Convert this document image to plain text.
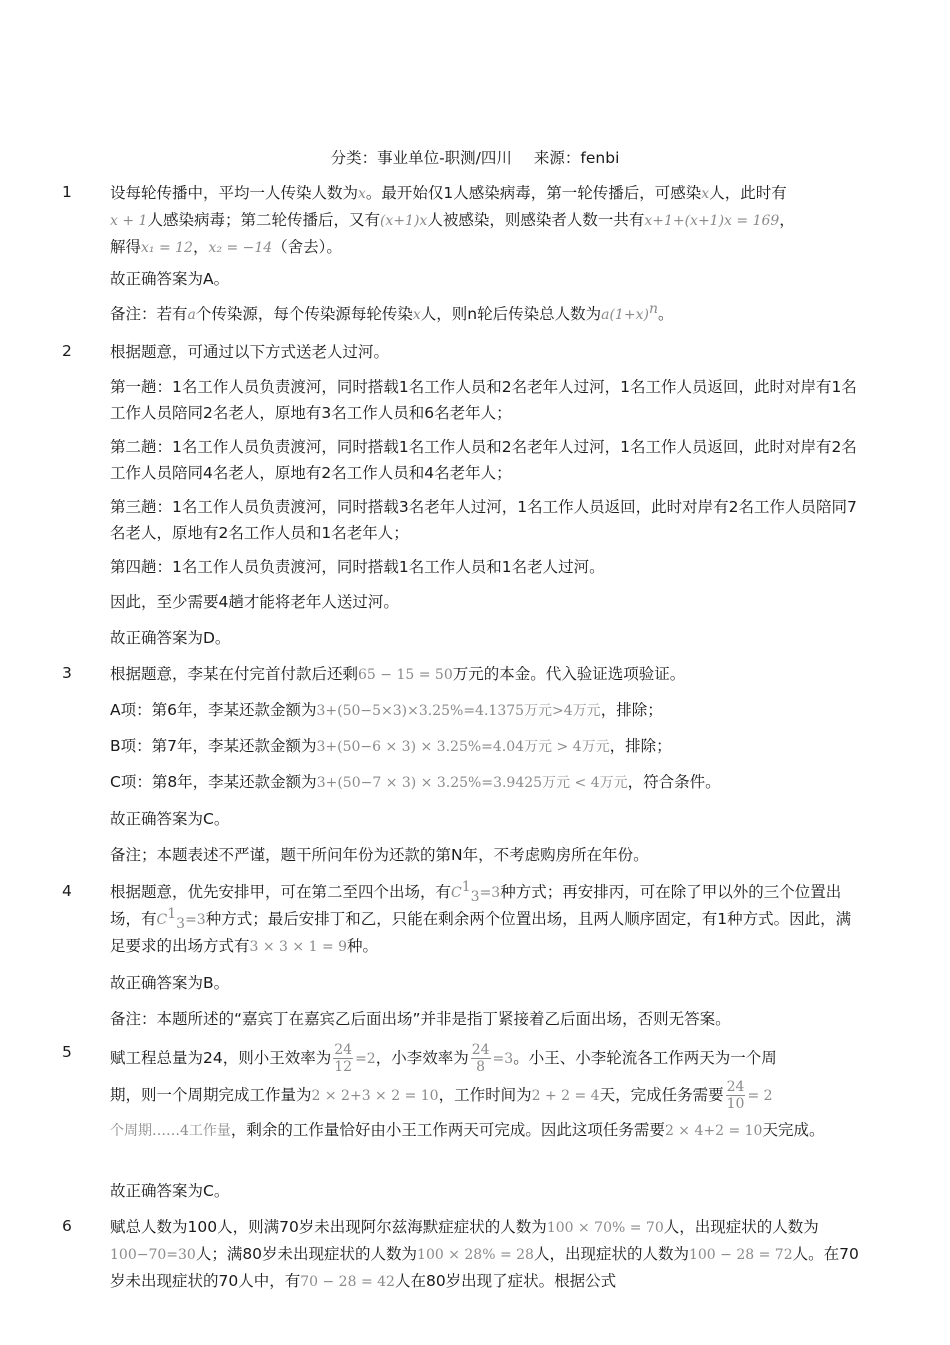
分类：事业单位-职测/四川 来源：fenbi
1 设每轮传播中，平均一人传染人数为x。最开始仅1人感染病毒，第一轮传播后，可感染x人，此时有
x + 1人感染病毒；第二轮传播后，又有(x+1)x人被感染，则感染者人数一共有x+1+(x+1)x = 169，
解得x₁ = 12，x₂ = −14（舍去）。

故正确答案为A。

备注：若有a个传染源，每个传染源每轮传染x人，则n轮后传染总人数为$a(1+x)^n$。

2 根据题意，可通过以下方式送老人过河。

第一趟：1名工作人员负责渡河，同时搭载1名工作人员和2名老年人过河，1名工作人员返回，此时对岸有1名工作人员陪同2名老人，原地有3名工作人员和6名老年人；

第二趟：1名工作人员负责渡河，同时搭载1名工作人员和2名老年人过河，1名工作人员返回，此时对岸有2名工作人员陪同4名老人，原地有2名工作人员和4名老年人；

第三趟：1名工作人员负责渡河，同时搭载3名老年人过河，1名工作人员返回，此时对岸有2名工作人员陪同7名老人，原地有2名工作人员和1名老年人；

第四趟：1名工作人员负责渡河，同时搭载1名工作人员和1名老人过河。

因此，至少需要4趟才能将老年人送过河。

故正确答案为D。

3 根据题意，李某在付完首付款后还剩65 − 15 = 50万元的本金。代入验证选项验证。

A项：第6年，李某还款金额为3+(50−5×3)×3.25%=4.1375万元>4万元，排除；

B项：第7年，李某还款金额为3+(50−6 × 3) × 3.25%=4.04万元 > 4万元，排除；

C项：第8年，李某还款金额为3+(50−7 × 3) × 3.25%=3.9425万元 < 4万元，符合条件。

故正确答案为C。

备注；本题表述不严谨，题干所问年份为还款的第N年，不考虑购房所在年份。

4 根据题意，优先安排甲，可在第二至四个出场，有$C^1_3=3$种方式；再安排丙，可在除了甲以外的三个位置出场，有$C^1_3=3$种方式；最后安排丁和乙，只能在剩余两个位置出场，且两人顺序固定，有1种方式。因此，满足要求的出场方式有3 × 3 × 1 = 9种。

故正确答案为B。

备注：本题所述的“嘉宾丁在嘉宾乙后面出场”并非是指丁紧接着乙后面出场，否则无答案。

5 赋工程总量为24，则小王效率为 $\frac{24}{12} =2$，小李效率为 $\frac{24}{8} =3$。小王、小李轮流各工作两天为一个周
期，则一个周期完成工作量为2 × 2+3 × 2 = 10，工作时间为2 + 2 = 4天，完成任务需要 $\frac{24}{10} = 2$

个周期……4工作量，剩余的工作量恰好由小王工作两天可完成。因此这项任务需要2 × 4+2 = 10天完成。

故正确答案为C。

6 赋总人数为100人，则满70岁未出现阿尔兹海默症症状的人数为100 × 70% = 70人，出现症状的人数为100−70=30人；满80岁未出现症状的人数为100 × 28% = 28人，出现症状的人数为100 − 28 = 72人。在70岁未出现症状的70人中，有70 − 28 = 42人在80岁出现了症状。根据公式
